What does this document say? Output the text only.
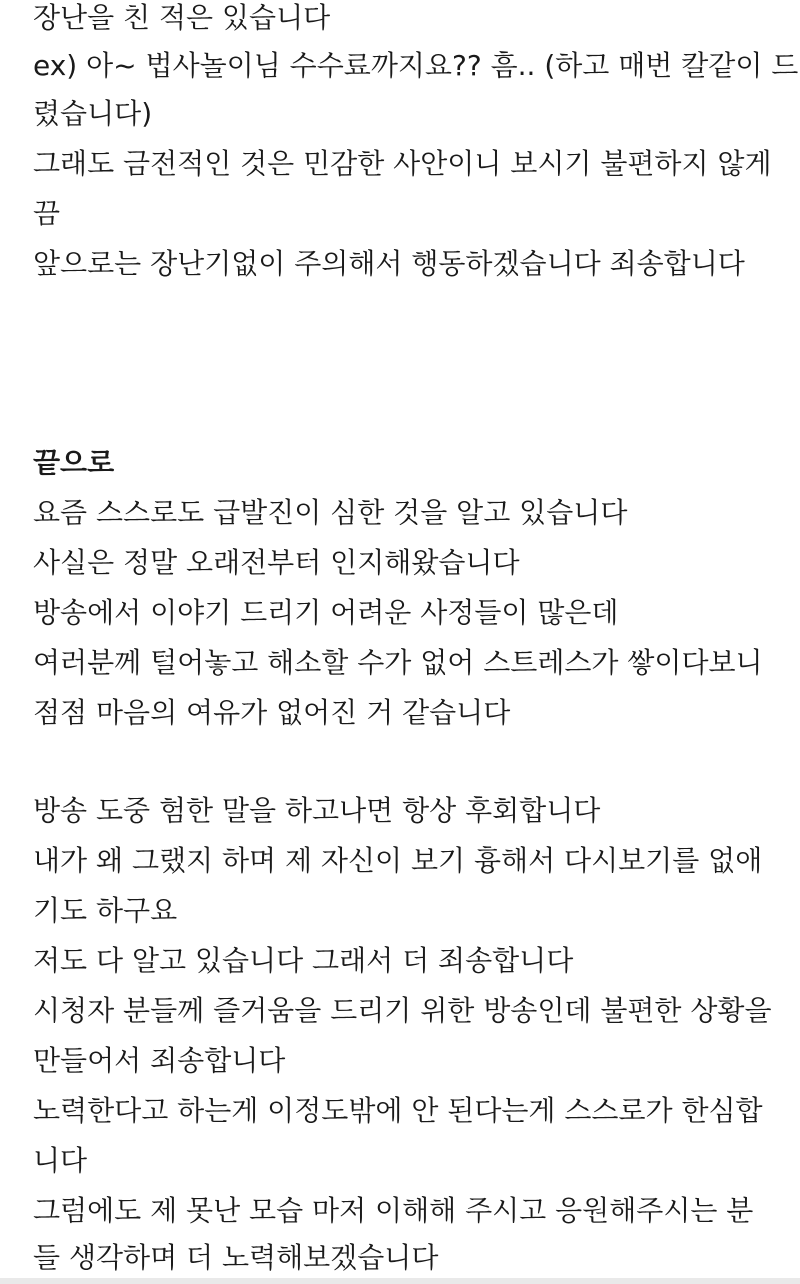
장난을 친 적은 있습니다
ex) 아~ 법사놀이님 수수료까지요?? 흠.. (하고 매번 칼같이 드
렸습니다)
그래도 금전적인 것은 민감한 사안이니 보시기 불편하지 않게
끔
앞으로는 장난기없이 주의해서 행동하겠습니다 죄송합니다
끝으로
요즘 스스로도 급발진이 심한 것을 알고 있습니다
사실은 정말 오래전부터 인지해왔습니다
방송에서 이야기 드리기 어려운 사정들이 많은데
여러분께 털어놓고 해소할 수가 없어 스트레스가 쌓이다보니
점점 마음의 여유가 없어진 거 같습니다
방송 도중 험한 말을 하고나면 항상 후회합니다
내가 왜 그랬지 하며 제 자신이 보기 흉해서 다시보기를 없애
기도 하구요
저도 다 알고 있습니다 그래서 더 죄송합니다
시청자 분들께 즐거움을 드리기 위한 방송인데 불편한 상황을
만들어서 죄송합니다
노력한다고 하는게 이정도밖에 안 된다는게 스스로가 한심합
니다
그럼에도 제 못난 모습 마저 이해해 주시고 응원해주시는 분
들 생각하며 더 노력해보겠습니다
